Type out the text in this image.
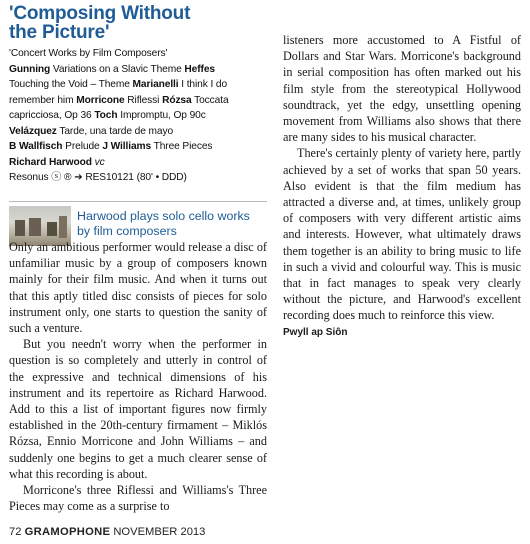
'Composing Without
the Picture'
'Concert Works by Film Composers'
Gunning Variations on a Slavic Theme Heffes
Touching the Void – Theme Marianelli I think I do
remember him Morricone Riflessi Rózsa Toccata
capricciosa, Op 36 Toch Impromptu, Op 90c
Velázquez Tarde, una tarde de mayo
B Wallfisch Prelude J Williams Three Pieces
Richard Harwood vc
Resonus ⓢ ® ➔ RES10121 (80' • DDD)
Harwood plays solo cello works by film composers

Only an ambitious performer would release a disc of unfamiliar music by a group of composers known mainly for their film music. And when it turns out that this aptly titled disc consists of pieces for solo instrument only, one starts to question the sanity of such a venture.

But you needn't worry when the performer in question is so completely and utterly in control of the expressive and technical dimensions of his instrument and its repertoire as Richard Harwood. Add to this a list of important figures now firmly established in the 20th-century firmament – Miklós Rózsa, Ennio Morricone and John Williams – and suddenly one begins to get a much clearer sense of what this recording is about.

Morricone's three Riflessi and Williams's Three Pieces may come as a surprise to

listeners more accustomed to A Fistful of Dollars and Star Wars. Morricone's background in serial composition has often marked out his film style from the stereotypical Hollywood soundtrack, yet the edgy, unsettling opening movement from Williams also shows that there are many sides to his musical character.

There's certainly plenty of variety here, partly achieved by a set of works that span 50 years. Also evident is that the film medium has attracted a diverse and, at times, unlikely group of composers with very different artistic aims and interests. However, what ultimately draws them together is an ability to bring music to life in such a vivid and colourful way. This is music that in fact manages to speak very clearly without the picture, and Harwood's excellent recording does much to reinforce this view.

Pwyll ap Siôn
72 GRAMOPHONE NOVEMBER 2013
